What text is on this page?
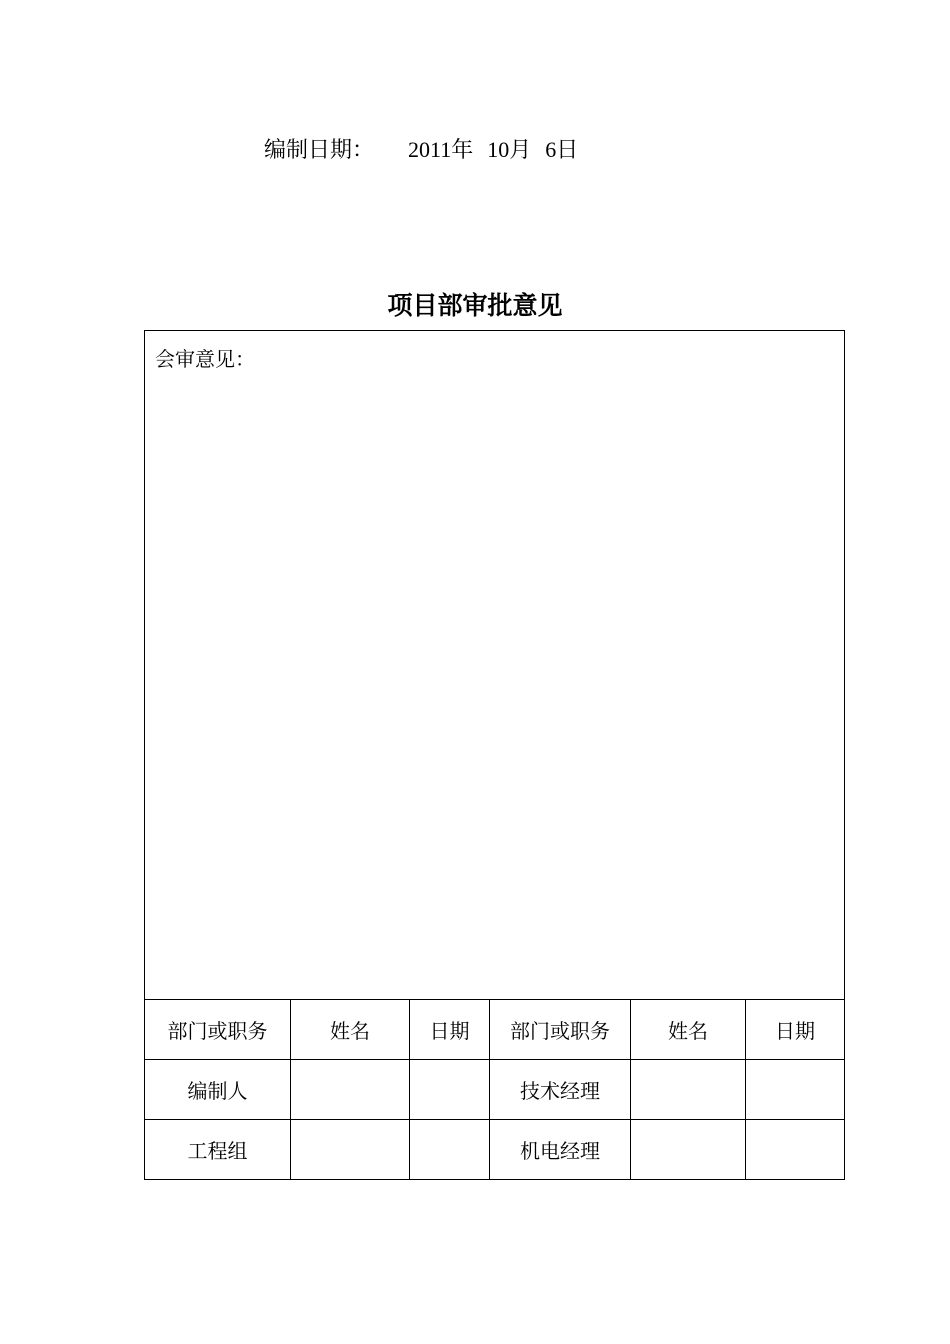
编制日期： 2011年 10月 6日
项目部审批意见
会审意见：					
部门或职务	姓名	日期	部门或职务	姓名	日期
编制人			技术经理		
工程组			机电经理		
